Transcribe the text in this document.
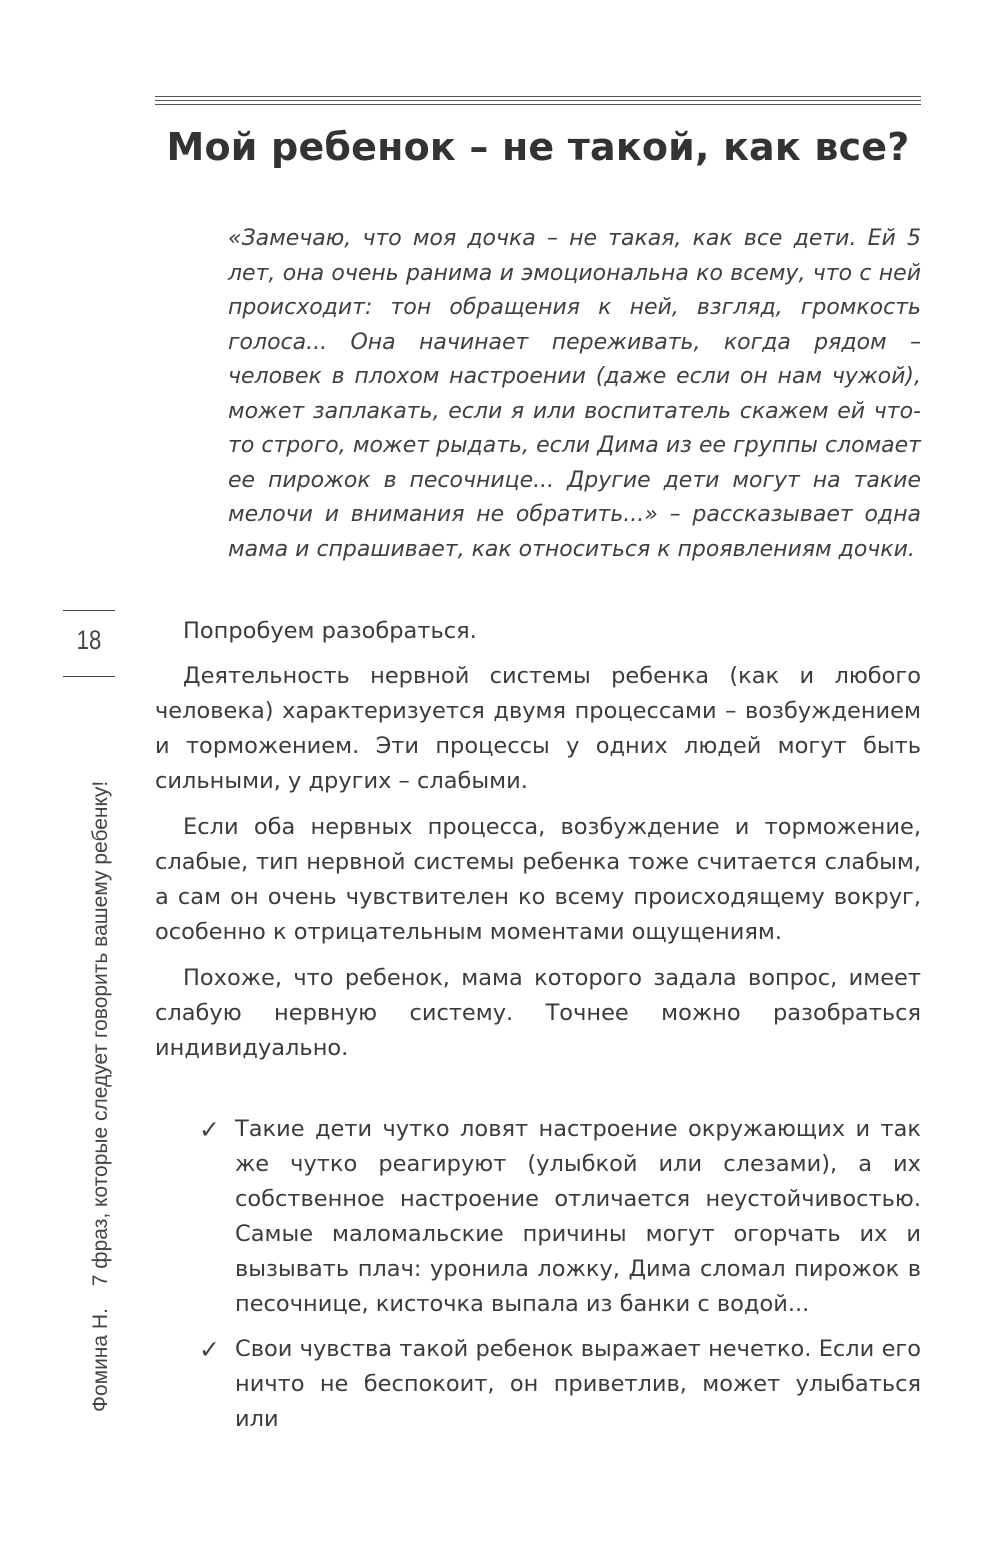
Мой ребенок – не такой, как все?
«Замечаю, что моя дочка – не такая, как все дети. Ей 5 лет, она очень ранима и эмоциональна ко всему, что с ней происходит: тон обращения к ней, взгляд, громкость голоса... Она начинает переживать, когда рядом – человек в плохом настроении (даже если он нам чужой), может заплакать, если я или воспитатель скажем ей что-то строго, может рыдать, если Дима из ее группы сломает ее пирожок в песочнице... Другие дети могут на такие мелочи и внимания не обратить...» – рассказывает одна мама и спрашивает, как относиться к проявлениям дочки.
18
Фомина Н. 7 фраз, которые следует говорить вашему ребенку!

Попробуем разобраться.

Деятельность нервной системы ребенка (как и любого человека) характеризуется двумя процессами – возбуждением и торможением. Эти процессы у одних людей могут быть сильными, у других – слабыми.

Если оба нервных процесса, возбуждение и торможение, слабые, тип нервной системы ребенка тоже считается слабым, а сам он очень чувствителен ко всему происходящему вокруг, особенно к отрицательным моментами ощущениям.

Похоже, что ребенок, мама которого задала вопрос, имеет слабую нервную систему. Точнее можно разобраться индивидуально.

✓ Такие дети чутко ловят настроение окружающих и так же чутко реагируют (улыбкой или слезами), а их собственное настроение отличается неустойчивостью. Самые маломальские причины могут огорчать их и вызывать плач: уронила ложку, Дима сломал пирожок в песочнице, кисточка выпала из банки с водой...
✓ Свои чувства такой ребенок выражает нечетко. Если его ничто не беспокоит, он приветлив, может улыбаться или
